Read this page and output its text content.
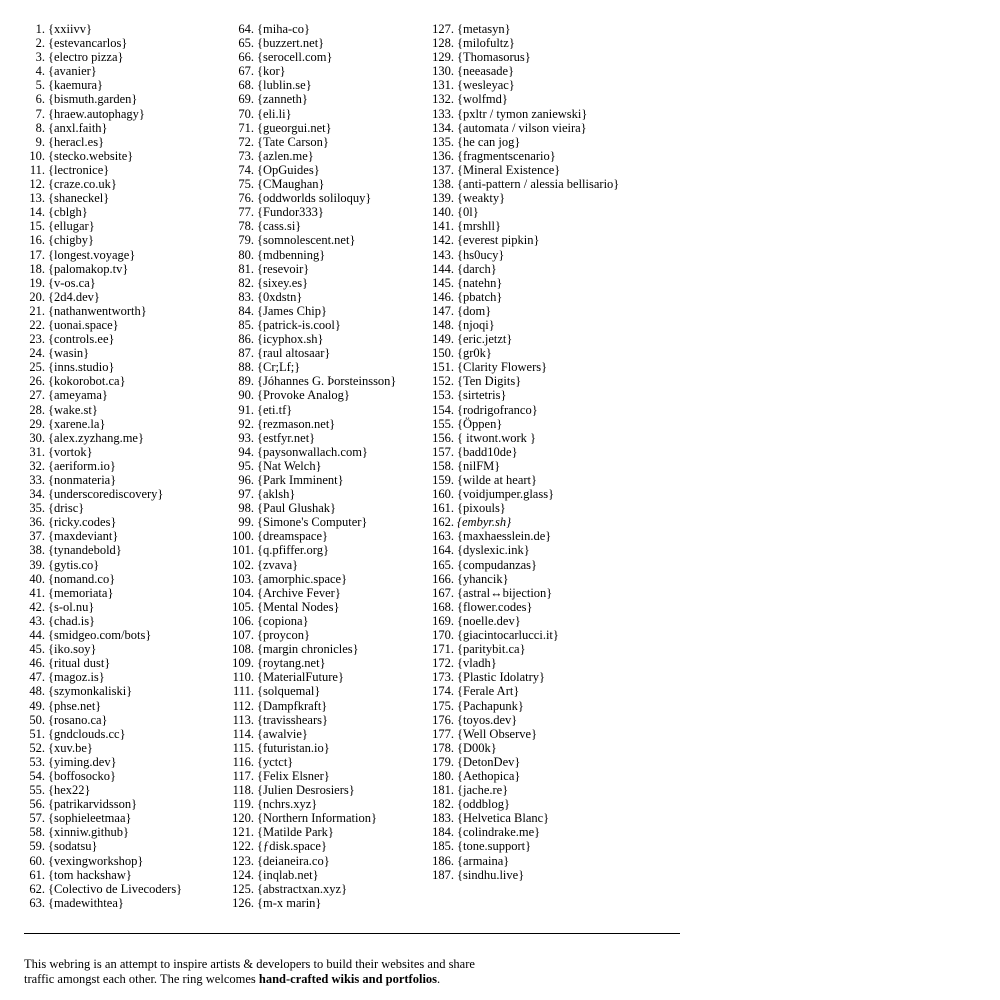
1. {xxiivv}
2. {estevancarlos}
3. {electro pizza}
4. {avanier}
5. {kaemura}
6. {bismuth.garden}
7. {hraew.autophagy}
8. {anxl.faith}
9. {heracl.es}
10. {stecko.website}
11. {lectronice}
12. {craze.co.uk}
13. {shaneckel}
14. {cblgh}
15. {ellugar}
16. {chigby}
17. {longest.voyage}
18. {palomakop.tv}
19. {v-os.ca}
20. {2d4.dev}
21. {nathanwentworth}
22. {uonai.space}
23. {controls.ee}
24. {wasin}
25. {inns.studio}
26. {kokorobot.ca}
27. {ameyama}
28. {wake.st}
29. {xarene.la}
30. {alex.zyzhang.me}
31. {vortok}
32. {aeriform.io}
33. {nonmateria}
34. {underscorediscovery}
35. {drisc}
36. {ricky.codes}
37. {maxdeviant}
38. {tynandebold}
39. {gytis.co}
40. {nomand.co}
41. {memoriata}
42. {s-ol.nu}
43. {chad.is}
44. {smidgeo.com/bots}
45. {iko.soy}
46. {ritual dust}
47. {magoz.is}
48. {szymonkaliski}
49. {phse.net}
50. {rosano.ca}
51. {gndclouds.cc}
52. {xuv.be}
53. {yiming.dev}
54. {boffosocko}
55. {hex22}
56. {patrikarvidsson}
57. {sophieleetmaa}
58. {xinniw.github}
59. {sodatsu}
60. {vexingworkshop}
61. {tom hackshaw}
62. {Colectivo de Livecoders}
63. {madewithtea}
64. {miha-co}
65. {buzzert.net}
66. {serocell.com}
67. {kor}
68. {lublin.se}
69. {zanneth}
70. {eli.li}
71. {gueorgui.net}
72. {Tate Carson}
73. {azlen.me}
74. {OpGuides}
75. {CMaughan}
76. {oddworlds soliloquy}
77. {Fundor333}
78. {cass.si}
79. {somnolescent.net}
80. {mdbenning}
81. {resevoir}
82. {sixey.es}
83. {0xdstn}
84. {James Chip}
85. {patrick-is.cool}
86. {icyphox.sh}
87. {raul altosaar}
88. {Cr;Lf;}
89. {Jóhannes G. Þorsteinsson}
90. {Provoke Analog}
91. {eti.tf}
92. {rezmason.net}
93. {estfyr.net}
94. {paysonwallach.com}
95. {Nat Welch}
96. {Park Imminent}
97. {aklsh}
98. {Paul Glushak}
99. {Simone's Computer}
100. {dreamspace}
101. {q.pfiffer.org}
102. {zvava}
103. {amorphic.space}
104. {Archive Fever}
105. {Mental Nodes}
106. {copiona}
107. {proycon}
108. {margin chronicles}
109. {roytang.net}
110. {MaterialFuture}
111. {solquemal}
112. {Dampfkraft}
113. {travisshears}
114. {awalvie}
115. {futuristan.io}
116. {yctct}
117. {Felix Elsner}
118. {Julien Desrosiers}
119. {nchrs.xyz}
120. {Northern Information}
121. {Matilde Park}
122. {ƒdisk.space}
123. {deianeira.co}
124. {inqlab.net}
125. {abstractxan.xyz}
126. {m-x marin}
127. {metasyn}
128. {milofultz}
129. {Thomasorus}
130. {neeasade}
131. {wesleyac}
132. {wolfmd}
133. {pxltr / tymon zaniewski}
134. {automata / vilson vieira}
135. {he can jog}
136. {fragmentscenario}
137. {Mineral Existence}
138. {anti-pattern / alessia bellisario}
139. {weakty}
140. {0l}
141. {mrshll}
142. {everest pipkin}
143. {hs0ucy}
144. {darch}
145. {natehn}
146. {pbatch}
147. {dom}
148. {njoqi}
149. {eric.jetzt}
150. {gr0k}
151. {Clarity Flowers}
152. {Ten Digits}
153. {sirtetris}
154. {rodrigofranco}
155. {Öppen}
156. { itwont.work }
157. {badd10de}
158. {nilFM}
159. {wilde at heart}
160. {voidjumper.glass}
161. {pixouls}
162. {embyr.sh}
163. {maxhaesslein.de}
164. {dyslexic.ink}
165. {compudanzas}
166. {yhancik}
167. {astral↔bijection}
168. {flower.codes}
169. {noelle.dev}
170. {giacintocarlucci.it}
171. {paritybit.ca}
172. {vladh}
173. {Plastic Idolatry}
174. {Ferale Art}
175. {Pachapunk}
176. {toyos.dev}
177. {Well Observe}
178. {D00k}
179. {DetonDev}
180. {Aethopica}
181. {jache.re}
182. {oddblog}
183. {Helvetica Blanc}
184. {colindrake.me}
185. {tone.support}
186. {armaina}
187. {sindhu.live}

This webring is an attempt to inspire artists & developers to build their websites and share traffic amongst each other. The ring welcomes hand-crafted wikis and portfolios.
